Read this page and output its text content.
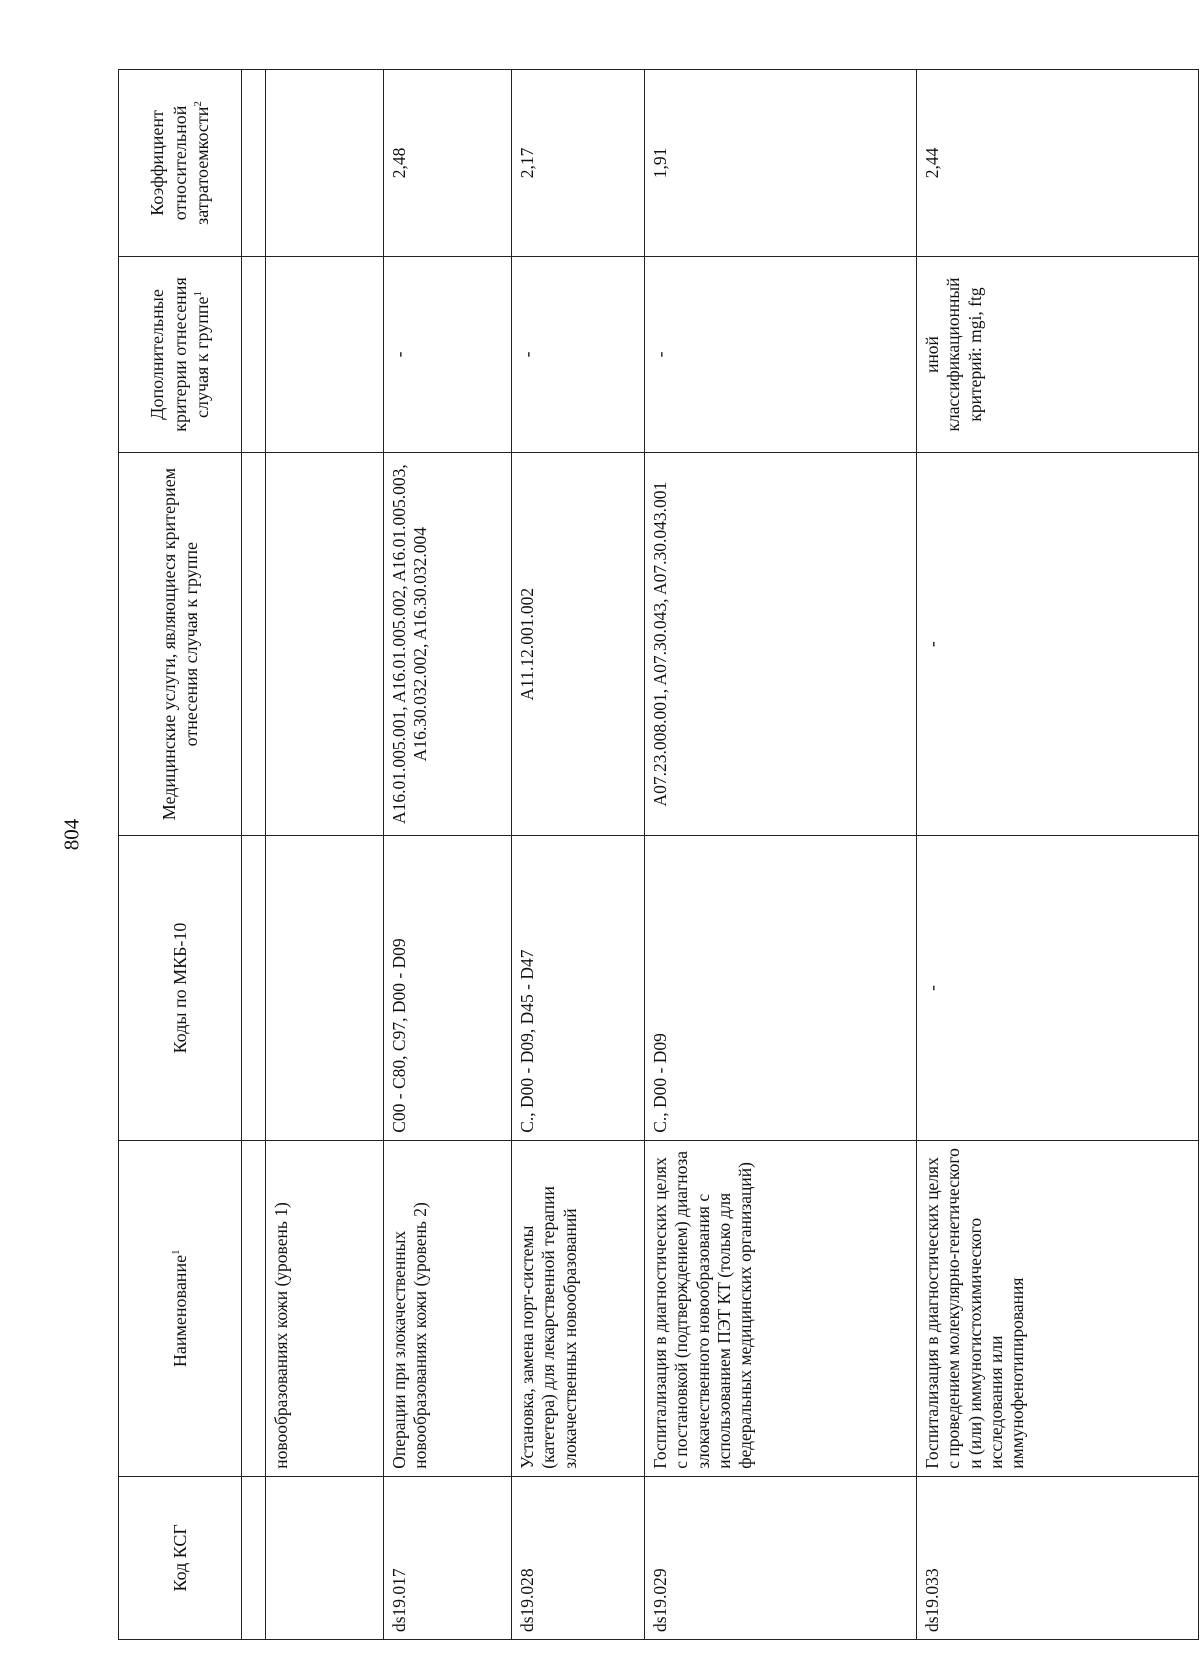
804
Код КСГ	Наименование$^1$	Коды по МКБ-10	Медицинские услуги, являющиеся критерием отнесения случая к группе	Дополнительные критерии отнесения случая к группе$^1$	Коэффициент относительной затратоемкости$^2$

	новообразованиях кожи (уровень 1)				
ds19.017	Операции при злокачественных новообразованиях кожи (уровень 2)	C00 - C80, C97, D00 - D09	A16.01.005.001, A16.01.005.002, A16.01.005.003, A16.30.032.002, A16.30.032.004	-	2,48
ds19.028	Установка, замена порт-системы (катетера) для лекарственной терапии злокачественных новообразований	C., D00 - D09, D45 - D47	A11.12.001.002	-	2,17
ds19.029	Госпитализация в диагностических целях с постановкой (подтверждением) диагноза злокачественного новообразования с использованием ПЭТ КТ (только для федеральных медицинских организаций)	C., D00 - D09	A07.23.008.001, A07.30.043, A07.30.043.001	-	1,91
ds19.033	Госпитализация в диагностических целях с проведением молекулярно-генетического и (или) иммуногистохимического исследования или иммунофенотипирования	-	-	иной классификационный критерий: mgi, ftg	2,44
